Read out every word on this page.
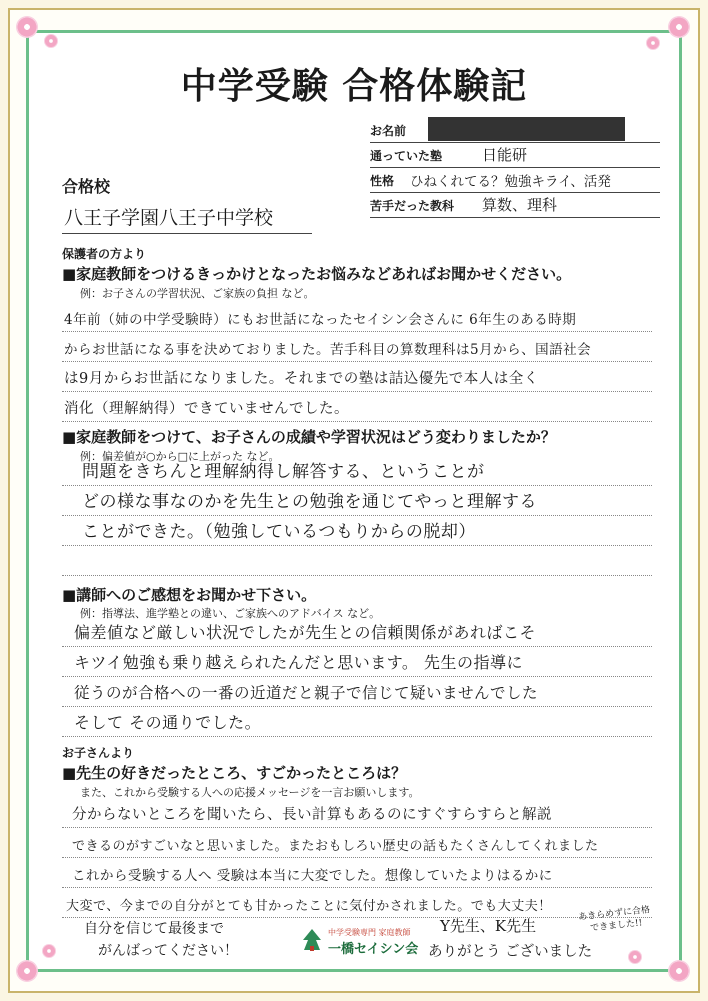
中学受験 合格体験記
お名前
通っていた塾	日能研
性格 ひねくれてる？勉強キライ、活発
苦手だった教科 算数、理科
合格校
八王子学園八王子中学校
保護者の方より
■家庭教師をつけるきっかけとなったお悩みなどあればお聞かせください。
例：お子さんの学習状況、ご家族の負担 など。
4年前（姉の中学受験時）にもお世話になったセイシン会さんに 6年生のある時期
からお世話になる事を決めておりました。苦手科目の算数理科は5月から、国語社会
は9月からお世話になりました。それまでの塾は詰込優先で本人は全く
消化（理解納得）できていませんでした。
■家庭教師をつけて、お子さんの成績や学習状況はどう変わりましたか？
例：偏差値が○から□に上がった など。
問題をきちんと理解納得し解答する、ということが
どの様な事なのかを先生との勉強を通じてやっと理解する
ことができた。（勉強しているつもりからの脱却）
■講師へのご感想をお聞かせ下さい。
例：指導法、進学塾との違い、ご家族へのアドバイス など。
偏差値など厳しい状況でしたが先生との信頼関係があればこそ
キツイ勉強も乗り越えられたんだと思います。 先生の指導に
従うのが合格への一番の近道だと親子で信じて疑いませんでした
そして その通りでした。
お子さんより
■先生の好きだったところ、すごかったところは？
また、これから受験する人への応援メッセージを一言お願いします。
分からないところを聞いたら、長い計算もあるのにすぐすらすらと解説
できるのがすごいなと思いました。またおもしろい歴史の話もたくさんしてくれました
これから受験する人へ 受験は本当に大変でした。想像していたよりはるかに
大変で、今までの自分がとても甘かったことに気付かされました。でも大丈夫！
自分を信じて最後まで
がんばってください！
中学受験専門 家庭教師
一橋セイシン会
Y先生、K先生
ありがとう ございました
あきらめずに合格
できました!!
